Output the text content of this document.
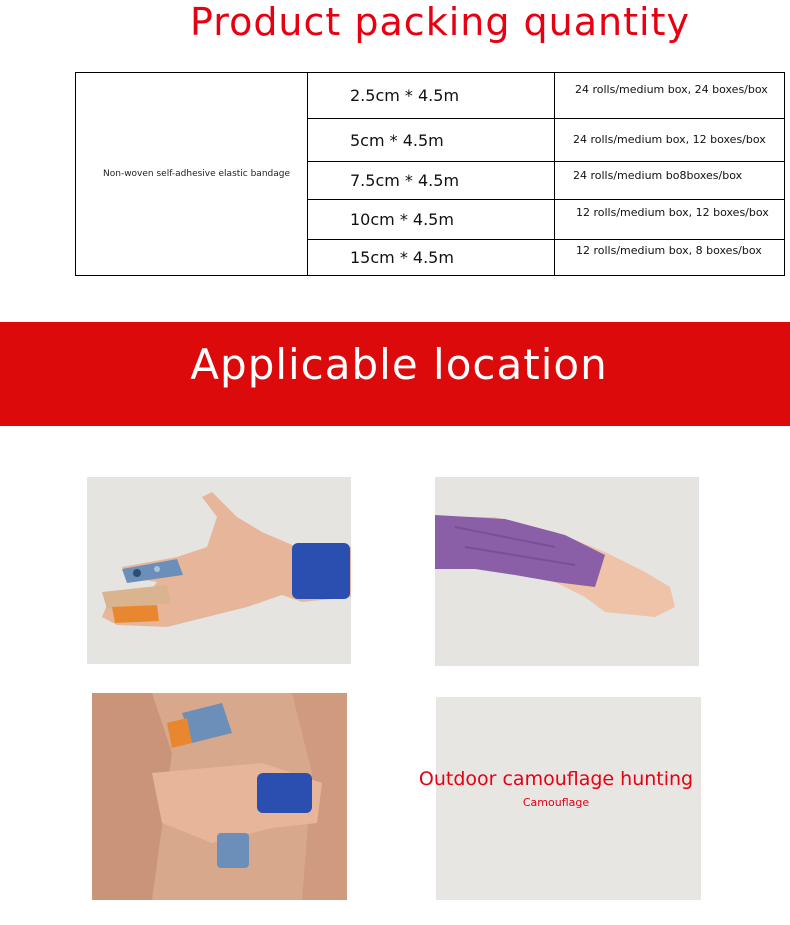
Product packing quantity
Non-woven self-adhesive elastic bandage	2.5cm * 4.5m	24 rolls/medium box, 24 boxes/box
	5cm * 4.5m	24 rolls/medium box, 12 boxes/box
	7.5cm * 4.5m	24 rolls/medium bo8boxes/box
	10cm * 4.5m	12 rolls/medium box, 12 boxes/box
	15cm * 4.5m	12 rolls/medium box, 8 boxes/box
Applicable location
Outdoor camouflage hunting
Camouflage
